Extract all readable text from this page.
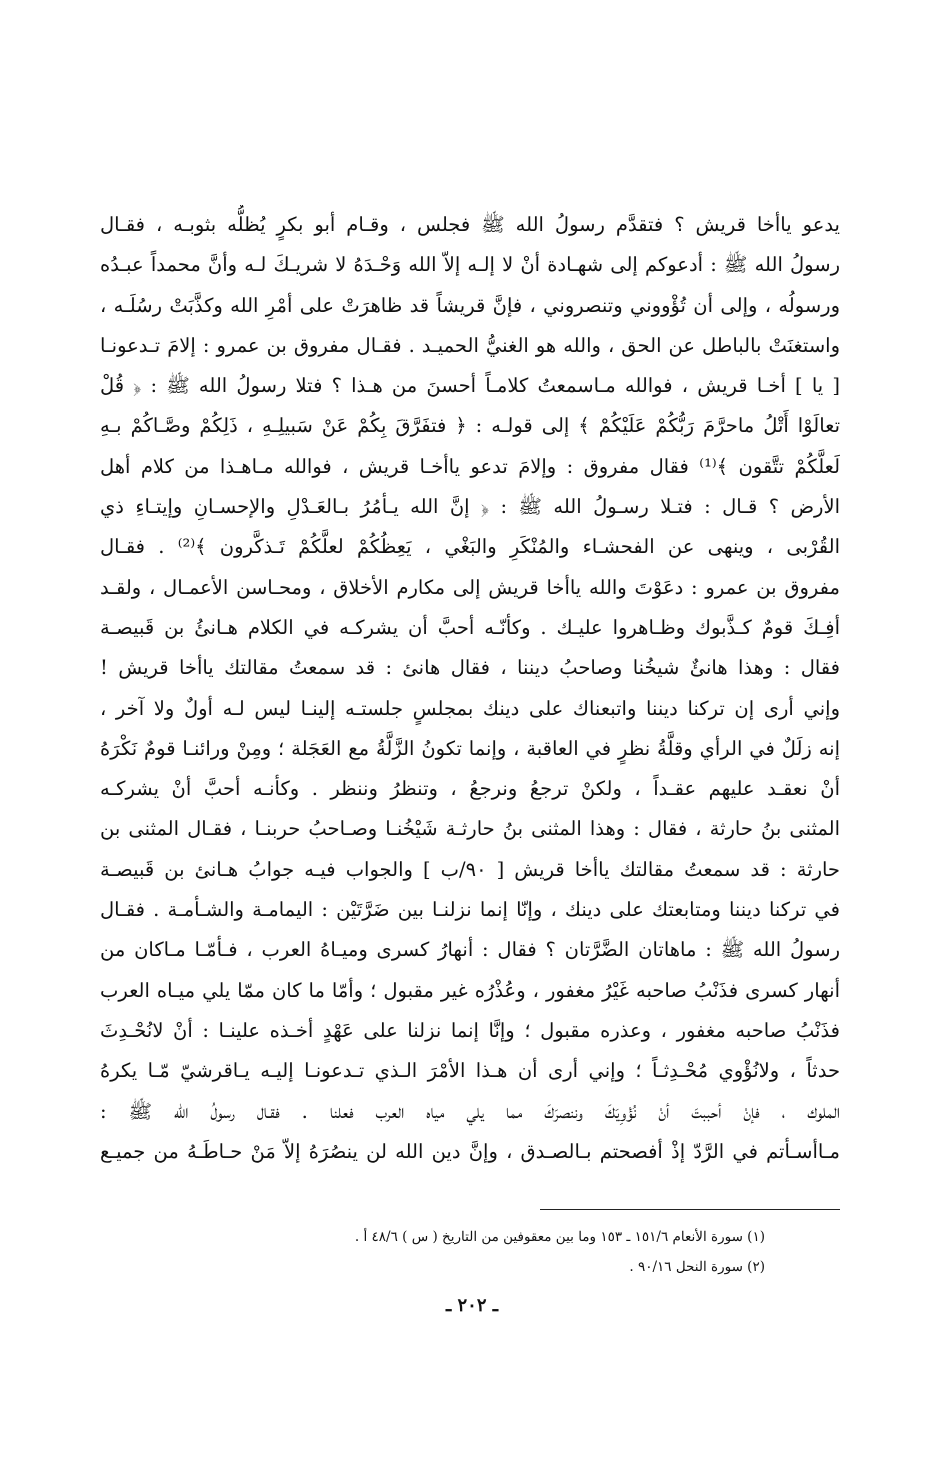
يدعو ياأخا قريش ؟ فتقدَّم رسولُ الله ﷺ فجلس ، وقـام أبو بكرٍ يُظلُّه بثوبـه ، فقـال
رسولُ الله ﷺ : أدعوكم إلى شهـادة أنْ لا إلـه إلاّ الله وَحْـدَهُ لا شريـكَ لـه وأنَّ محمداً عبـدُه
ورسولُه ، وإلى أن تُؤْووني وتنصروني ، فإنَّ قريشاً قد ظاهرَتْ على أمْرِ الله وكذَّبَتْ رسُلَـه ،
واستغنَتْ بالباطل عن الحق ، والله هو الغنيُّ الحميـد . فقـال مفروق بن عمرو : إلامَ تـدعونـا
[ يا ] أخـا قريش ، فوالله مـاسمعتُ كلامـاً أحسنَ من هـذا ؟ فتلا رسولُ الله ﷺ : ﴿ قُلْ
تعالَوْا أَتْلُ ماحرَّمَ رَبُّكُمْ عَلَيْكُمْ ﴾ إلى قولـه : ﴿ فتفَرَّقَ بِكُمْ عَنْ سَبيلِـهِ ، ذَلِكُمْ وصَّـاكُمْ بـهِ
لَعلَّكُمْ تتَّقون ﴾⁽¹⁾ فقال مفروق : وإلامَ تدعو ياأخـا قريش ، فوالله مـاهـذا من كلام أهل
الأرض ؟ قـال : فتـلا رسـولُ الله ﷺ : ﴿ إنَّ الله يـأمُرُ بـالعَـدْلِ والإحسـانِ وإيتـاءِ ذي
القُرْبى ، وينهى عن الفحشـاء والمُنْكَرِ والبَغْي ، يَعِظُكُمْ لعلَّكُمْ تَـذكَّرون ﴾⁽²⁾ . فقـال
مفروق بن عمرو : دعَوْتَ والله ياأخا قريش إلى مكارم الأخلاق ، ومحـاسن الأعمـال ، ولقـد
أفِـكَ قومٌ كـذَّبوك وظـاهروا عليـك . وكأنّـه أحبَّ أن يشركـه في الكلام هـانئُ بن قَبيصـة
فقال : وهذا هانئٌ شيخُنا وصاحبُ ديننا ، فقال هانئ : قد سمعتُ مقالتك ياأخا قريش !
وإني أرى إن تركنا ديننا واتبعناك على دينك بمجلسٍ جلستـه إلينـا ليس لـه أولٌ ولا آخر ،
إنه زلَلٌ في الرأي وقلَّةُ نظرٍ في العاقبة ، وإنما تكونُ الزَّلَّةُ مع العَجَلة ؛ ومِنْ ورائنـا قومٌ نَكْرَهُ
أنْ نعقـد عليهم عقـداً ، ولكنْ ترجعُ ونرجعُ ، وتنظرُ وننظر . وكأنـه أحبَّ أنْ يشركـه
المثنى بنُ حارثة ، فقال : وهذا المثنى بنُ حارثـة شَيْخُنـا وصـاحبُ حربنـا ، فقـال المثنى بن
حارثة : قد سمعتُ مقالتك ياأخا قريش [ ٩٠/ب ] والجواب فيـه جوابُ هـانئ بن قَبيصـة
في تركنا ديننا ومتابعتك على دينك ، وإنّا إنما نزلنـا بين ضَرَّتَيْن : اليمامـة والشـأمـة . فقـال
رسولُ الله ﷺ : ماهاتان الضَّرَّتان ؟ فقال : أنهارُ كسرى وميـاهُ العرب ، فـأمّـا مـاكان من
أنهار كسرى فذَنْبُ صاحبه غَيْرُ مغفور ، وعُذْرُه غير مقبول ؛ وأمّا ما كان ممّا يلي ميـاه العرب
فذَنْبُ صاحبه مغفور ، وعذره مقبول ؛ وإنَّا إنما نزلنا على عَهْدٍ أخـذه علينـا : أنْ لانُحْـدِثَ
حدثاً ، ولانُؤْوي مُحْـدِثـاً ؛ وإني أرى أن هـذا الأمْرَ الـذي تـدعونـا إليـه يـاقرشيّ مّـا يكرهُ
الملوك ، فإنْ أحببتَ أنْ نُؤْوِيَكَ وننصرَكَ مما يلي مياه العرب فعلنا . فقـال رسولُ الله ﷺ :
مـاأسـأتم في الرَّدّ إذْ أفصحتم بـالصـدق ، وإنَّ دين الله لن ينصُرَهُ إلاّ مَنْ حـاطَـهُ من جميـع
(١) سورة الأنعام ١٥١/٦ ـ ١٥٣ وما بين معقوفين من التاريخ ( س ) ٤٨/٦ أ .
(٢) سورة النحل ٩٠/١٦ .
ـ ٢٠٢ ـ
